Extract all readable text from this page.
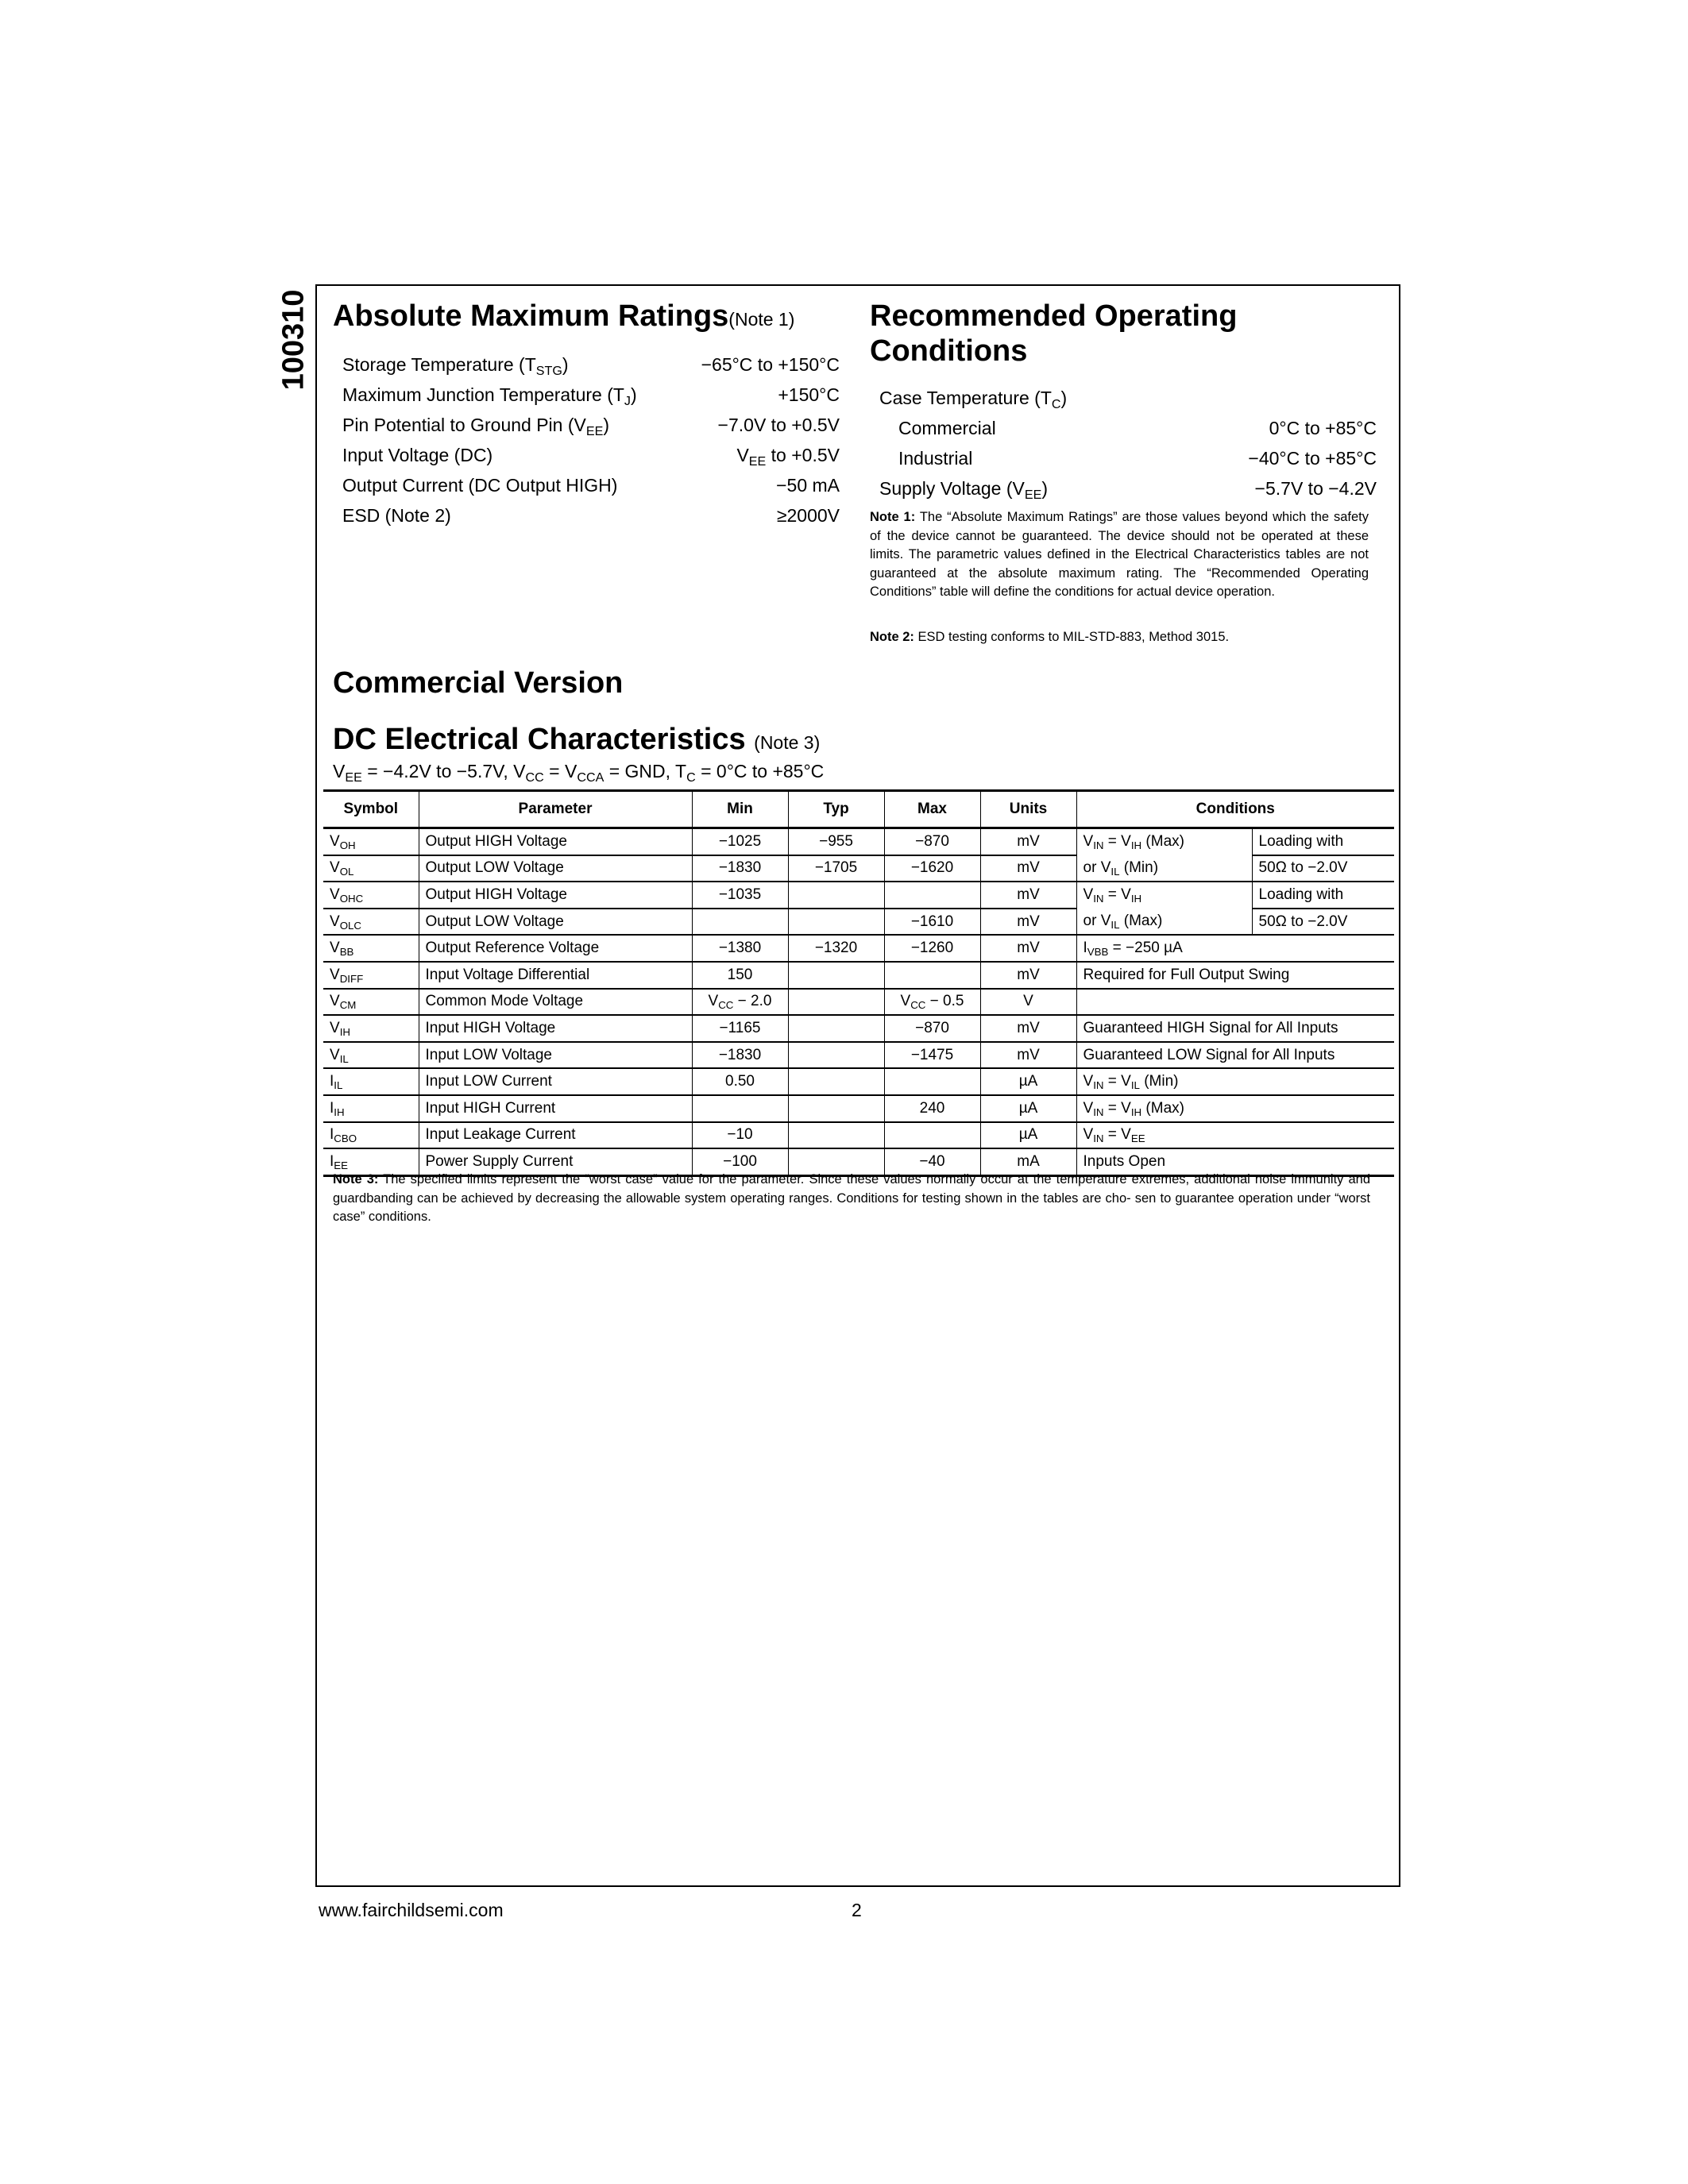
100310 Absolute Maximum Ratings(Note 1)
Storage Temperature $(T_{STG})$	−65°C to +150°C
Maximum Junction Temperature $(T_J)$	+150°C
Pin Potential to Ground Pin $(V_{EE})$	−7.0V to +0.5V
Input Voltage (DC)	$V_{EE}$ to +0.5V
Output Current (DC Output HIGH)	−50 mA
ESD (Note 2)	≥2000V
Recommended Operating
Conditions
Case Temperature $(T_C)$
Commercial	0°C to +85°C
Industrial	−40°C to +85°C
Supply Voltage $(V_{EE})$	−5.7V to −4.2V
Note 1: The “Absolute Maximum Ratings” are those values beyond which the safety of the device cannot be guaranteed. The device should not be operated at these limits. The parametric values defined in the Electrical Characteristics tables are not guaranteed at the absolute maximum rating. The “Recommended Operating Conditions” table will define the conditions for actual device operation.
Note 2: ESD testing conforms to MIL-STD-883, Method 3015.
Commercial Version
DC Electrical Characteristics (Note 3)
$V_{EE} = -4.2V$ to −5.7V, $V_{CC} = V_{CCA}$ = GND, $T_C = 0^\circ C$ to +85°C
Symbol	Parameter	Min	Typ	Max	Units	Conditions	
$V_{OH}$	Output HIGH Voltage	−1025	−955	−870	mV	$V_{IN} = V_{IH}$ (Max)	Loading with
$V_{OL}$	Output LOW Voltage	−1830	−1705	−1620	mV	or $V_{IL}$ (Min)	50Ω to −2.0V
$V_{OHC}$	Output HIGH Voltage	−1035			mV	$V_{IN} = V_{IH}$	Loading with
$V_{OLC}$	Output LOW Voltage			−1610	mV	or $V_{IL}$ (Max)	50Ω to −2.0V
$V_{BB}$	Output Reference Voltage	−1380	−1320	−1260	mV	$I_{VBB} = -250$ µA	
$V_{DIFF}$	Input Voltage Differential	150			mV	Required for Full Output Swing	
$V_{CM}$	Common Mode Voltage	$V_{CC} - 2.0$		$V_{CC} - 0.5$	V		
$V_{IH}$	Input HIGH Voltage	−1165		−870	mV	Guaranteed HIGH Signal for All Inputs	
$V_{IL}$	Input LOW Voltage	−1830		−1475	mV	Guaranteed LOW Signal for All Inputs	
$I_{IL}$	Input LOW Current	0.50			µA	$V_{IN} = V_{IL}$ (Min)	
$I_{IH}$	Input HIGH Current			240	µA	$V_{IN} = V_{IH}$ (Max)	
$I_{CBO}$	Input Leakage Current	−10			µA	$V_{IN} = V_{EE}$
$I_{EE}$	Power Supply Current	−100		−40	mA	Inputs Open	
Note 3: The specified limits represent the “worst case” value for the parameter. Since these values normally occur at the temperature extremes, additional noise immunity and guardbanding can be achieved by decreasing the allowable system operating ranges. Conditions for testing shown in the tables are cho- sen to guarantee operation under “worst case” conditions.
www.fairchildsemi.com	2
